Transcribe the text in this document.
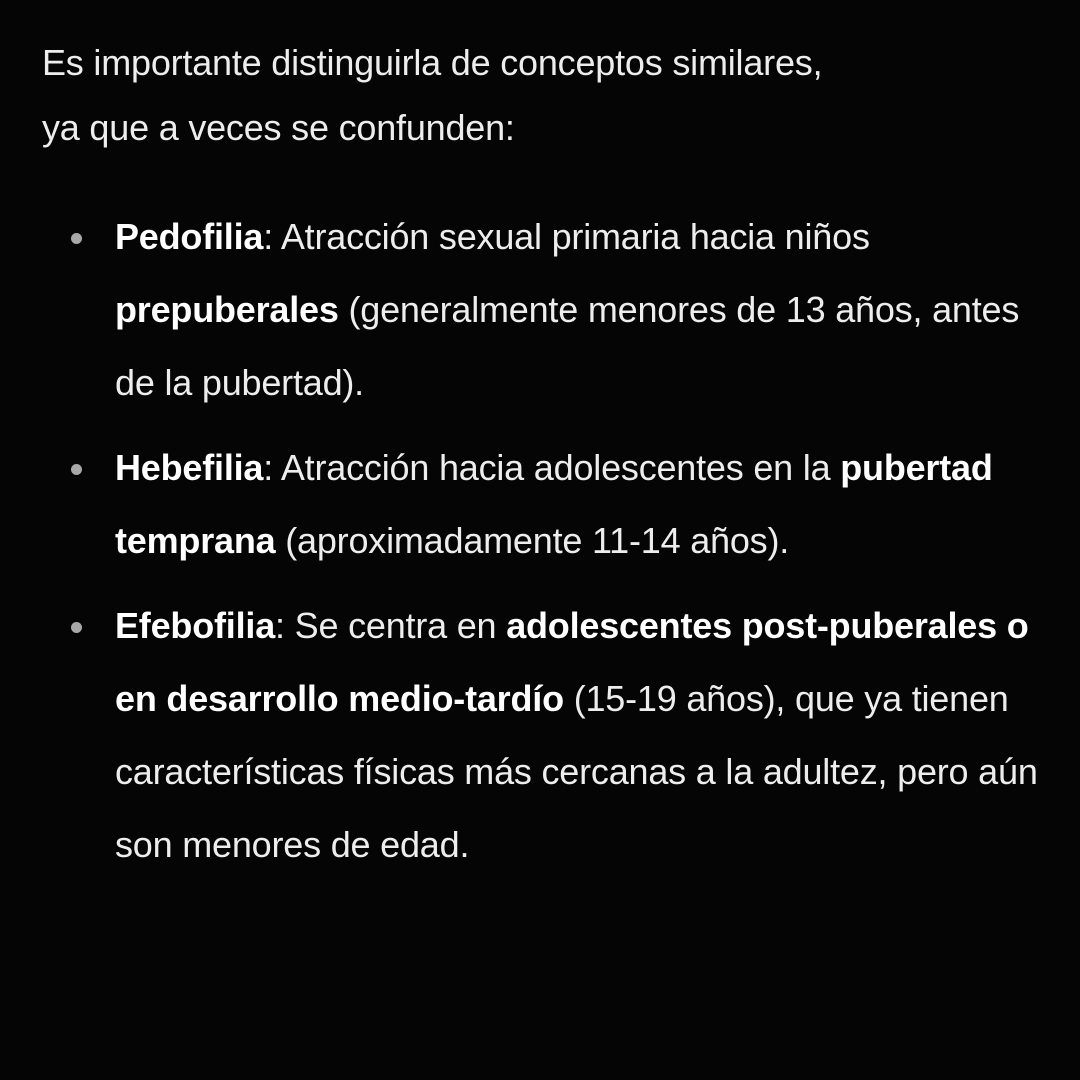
Es importante distinguirla de conceptos similares,
ya que a veces se confunden:

Pedofilia: Atracción sexual primaria hacia niños prepuberales (generalmente menores de 13 años, antes de la pubertad).
Hebefilia: Atracción hacia adolescentes en la pubertad temprana (aproximadamente 11-14 años).
Efebofilia: Se centra en adolescentes post-puberales o en desarrollo medio-tardío (15-19 años), que ya tienen características físicas más cercanas a la adultez, pero aún son menores de edad.
